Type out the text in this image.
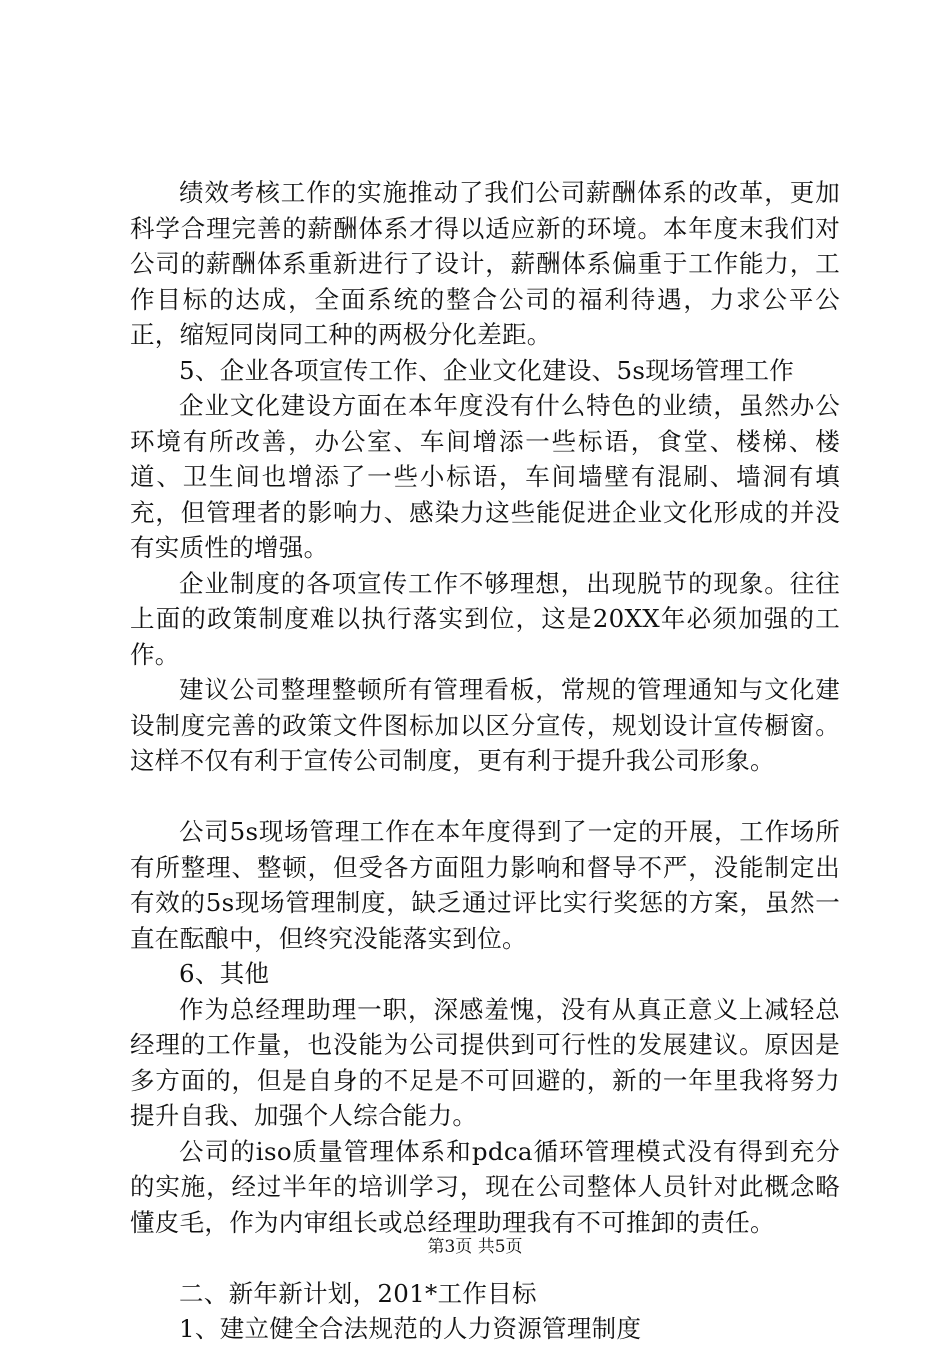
绩效考核工作的实施推动了我们公司薪酬体系的改革，更加科学合理完善的薪酬体系才得以适应新的环境。本年度末我们对公司的薪酬体系重新进行了设计，薪酬体系偏重于工作能力，工作目标的达成，全面系统的整合公司的福利待遇，力求公平公正，缩短同岗同工种的两极分化差距。

5、企业各项宣传工作、企业文化建设、5s现场管理工作

企业文化建设方面在本年度没有什么特色的业绩，虽然办公环境有所改善，办公室、车间增添一些标语，食堂、楼梯、楼道、卫生间也增添了一些小标语，车间墙壁有混刷、墙洞有填充，但管理者的影响力、感染力这些能促进企业文化形成的并没有实质性的增强。

企业制度的各项宣传工作不够理想，出现脱节的现象。往往上面的政策制度难以执行落实到位，这是20XX年必须加强的工作。

建议公司整理整顿所有管理看板，常规的管理通知与文化建设制度完善的政策文件图标加以区分宣传，规划设计宣传橱窗。这样不仅有利于宣传公司制度，更有利于提升我公司形象。

公司5s现场管理工作在本年度得到了一定的开展，工作场所有所整理、整顿，但受各方面阻力影响和督导不严，没能制定出有效的5s现场管理制度，缺乏通过评比实行奖惩的方案，虽然一直在酝酿中，但终究没能落实到位。

6、其他

作为总经理助理一职，深感羞愧，没有从真正意义上减轻总经理的工作量，也没能为公司提供到可行性的发展建议。原因是多方面的，但是自身的不足是不可回避的，新的一年里我将努力提升自我、加强个人综合能力。

公司的iso质量管理体系和pdca循环管理模式没有得到充分的实施，经过半年的培训学习，现在公司整体人员针对此概念略懂皮毛，作为内审组长或总经理助理我有不可推卸的责任。

二、新年新计划，201*工作目标

1、建立健全合法规范的人力资源管理制度

第3页 共5页
